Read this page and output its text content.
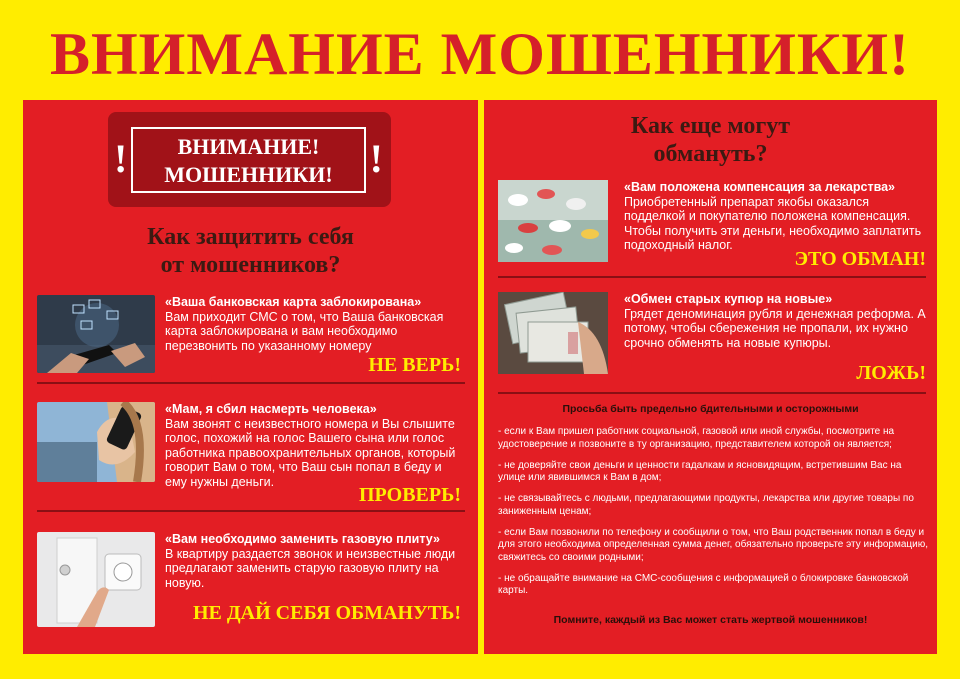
ВНИМАНИЕ МОШЕННИКИ!
!	ВНИМАНИЕ!
МОШЕННИКИ! !
Как защитить себя
от мошенников?
«Ваша банковская карта заблокирована»
Вам приходит СМС о том, что Ваша банковская карта заблокирована и вам необходимо перезвонить по указанному номеру
НЕ ВЕРЬ!
«Мам, я сбил насмерть человека»
Вам звонят с неизвестного номера и Вы слышите голос, похожий на голос Вашего сына или голос работника правоохранительных органов, который говорит Вам о том, что Ваш сын попал в беду и ему нужны деньги.
ПРОВЕРЬ!
«Вам необходимо заменить газовую плиту»
В квартиру раздается звонок и неизвестные люди предлагают заменить старую газовую плиту на новую.
НЕ ДАЙ СЕБЯ ОБМАНУТЬ!
Как еще могут
обмануть?
«Вам положена компенсация за лекарства»
Приобретенный препарат якобы оказался подделкой и покупателю положена компенсация. Чтобы получить эти деньги, необходимо заплатить подоходный налог.
ЭТО ОБМАН!
«Обмен старых купюр на новые»
Грядет деноминация рубля и денежная реформа. А потому, чтобы сбережения не пропали, их нужно срочно обменять на новые купюры.
ЛОЖЬ!
Просьба быть предельно бдительными и осторожными

- если к Вам пришел работник социальной, газовой или иной службы, посмотрите на удостоверение и позвоните в ту организацию, представителем которой он является;

- не доверяйте свои деньги и ценности гадалкам и ясновидящим, встретившим Вас на улице или явившимся к Вам в дом;

- не связывайтесь с людьми, предлагающими продукты, лекарства или другие товары по заниженным ценам;

- если Вам позвонили по телефону и сообщили о том, что Ваш родственник попал в беду и для этого необходима определенная сумма денег, обязательно проверьте эту информацию, свяжитесь со своими родными;

- не обращайте внимание на СМС-сообщения с информацией о блокировке банковской карты.

Помните, каждый из Вас может стать жертвой мошенников!
